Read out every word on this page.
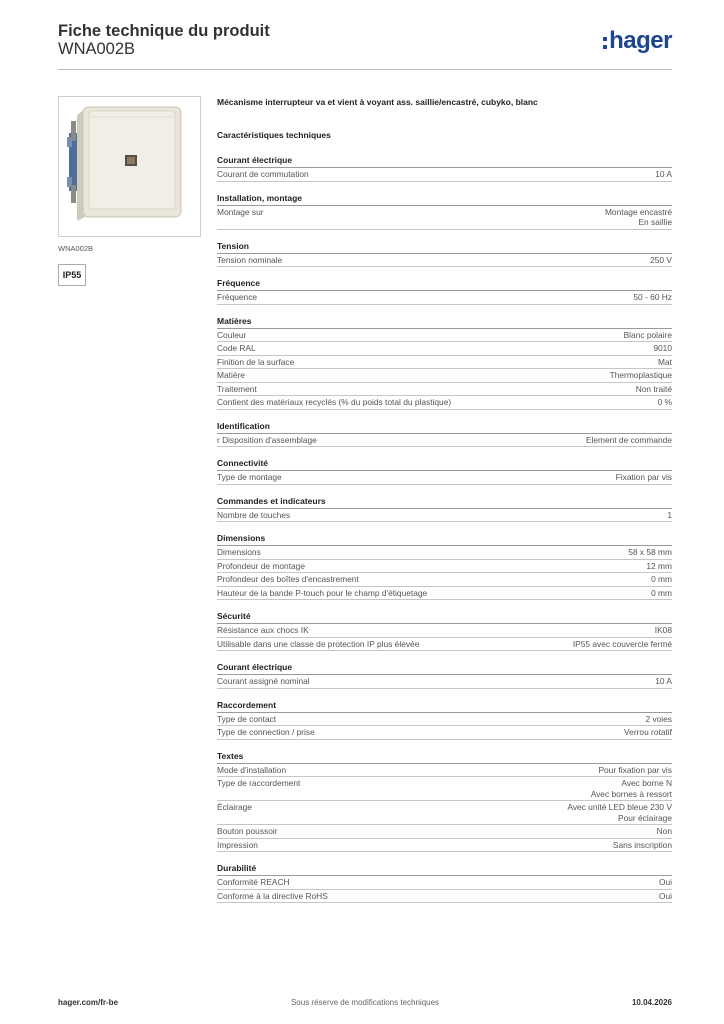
Fiche technique du produit
WNA002B	hager
WNA002B
IP55
Mécanisme interrupteur va et vient à voyant ass. saillie/encastré, cubyko, blanc
Caractéristiques techniques
Courant électrique
Courant de commutation	10 A
Installation, montage
Montage sur	Montage encastré
En saillie
Tension
Tension nominale	250 V
Fréquence
Fréquence	50 - 60 Hz
Matières
Couleur	Blanc polaire
Code RAL	9010
Finition de la surface	Mat
Matière	Thermoplastique
Traitement	Non traité
Contient des matériaux recyclés (% du poids total du plastique)	0 %
Identification
r Disposition d'assemblage	Element de commande
Connectivité
Type de montage	Fixation par vis
Commandes et indicateurs
Nombre de touches	1
Dimensions
Dimensions	58 x 58 mm
Profondeur de montage	12 mm
Profondeur des boîtes d'encastrement	0 mm
Hauteur de la bande P-touch pour le champ d'étiquetage	0 mm
Sécurité
Résistance aux chocs IK	IK08
Utilisable dans une classe de protection IP plus élevée	IP55 avec couvercle fermé
Courant électrique
Courant assigné nominal	10 A
Raccordement
Type de contact	2 voies
Type de connection / prise	Verrou rotatif
Textes
Mode d'installation	Pour fixation par vis
Type de raccordement	Avec borne N
Avec bornes à ressort
Éclairage	Avec unité LED bleue 230 V
Pour éclairage
Bouton poussoir	Non
Impression	Sans inscription
Durabilité
Conformité REACH	Oui
Conforme à la directive RoHS	Oui
hager.com/fr-be	Sous réserve de modifications techniques	10.04.2026
